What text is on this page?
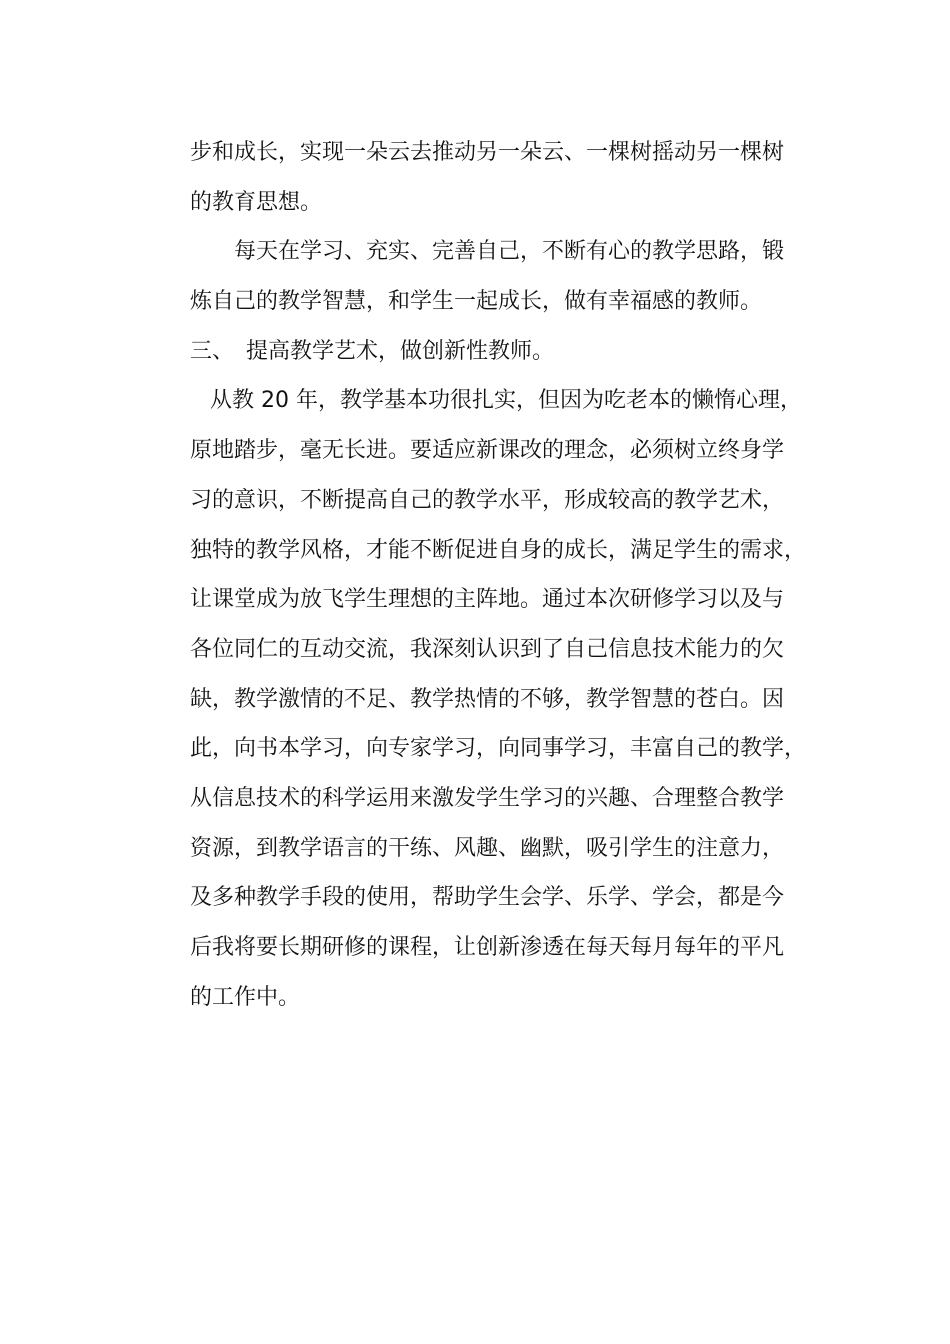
步和成长，实现一朵云去推动另一朵云、一棵树摇动另一棵树
的教育思想。
每天在学习、充实、完善自己，不断有心的教学思路，锻
炼自己的教学智慧，和学生一起成长，做有幸福感的教师。
三、 提高教学艺术，做创新性教师。
从教 20 年，教学基本功很扎实，但因为吃老本的懒惰心理，
原地踏步，毫无长进。要适应新课改的理念，必须树立终身学
习的意识，不断提高自己的教学水平，形成较高的教学艺术，
独特的教学风格，才能不断促进自身的成长，满足学生的需求，
让课堂成为放飞学生理想的主阵地。通过本次研修学习以及与
各位同仁的互动交流，我深刻认识到了自己信息技术能力的欠
缺，教学激情的不足、教学热情的不够，教学智慧的苍白。因
此，向书本学习，向专家学习，向同事学习，丰富自己的教学，
从信息技术的科学运用来激发学生学习的兴趣、合理整合教学
资源，到教学语言的干练、风趣、幽默，吸引学生的注意力，
及多种教学手段的使用，帮助学生会学、乐学、学会，都是今
后我将要长期研修的课程，让创新渗透在每天每月每年的平凡
的工作中。
